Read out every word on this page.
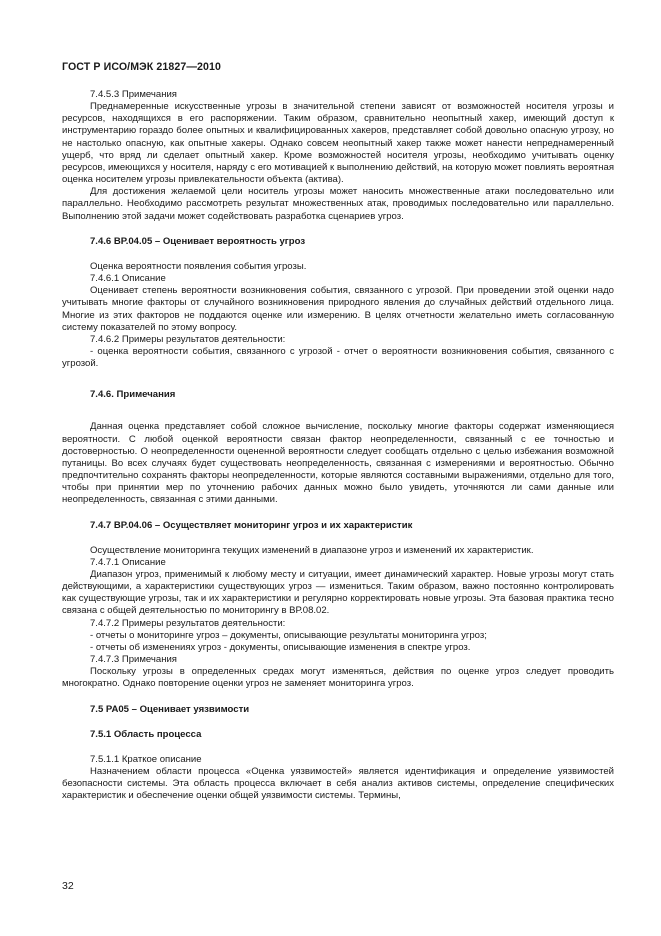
ГОСТ Р ИСО/МЭК 21827—2010

7.4.5.3 Примечания

Преднамеренные искусственные угрозы в значительной степени зависят от возможностей носителя угрозы и ресурсов, находящихся в его распоряжении. Таким образом, сравнительно неопытный хакер, имеющий доступ к инструментарию гораздо более опытных и квалифицированных хакеров, представляет собой довольно опасную угрозу, но не настолько опасную, как опытные хакеры. Однако совсем неопытный хакер также может нанести непреднамеренный ущерб, что вряд ли сделает опытный хакер. Кроме возможностей носителя угрозы, необходимо учитывать оценку ресурсов, имеющихся у носителя, наряду с его мотивацией к выполнению действий, на которую может повлиять вероятная оценка носителем угрозы привлекательности объекта (актива).

Для достижения желаемой цели носитель угрозы может наносить множественные атаки последовательно или параллельно. Необходимо рассмотреть результат множественных атак, проводимых последовательно или параллельно. Выполнению этой задачи может содействовать разработка сценариев угроз.

7.4.6 ВР.04.05 – Оценивает вероятность угроз

Оценка вероятности появления события угрозы.

7.4.6.1 Описание

Оценивает степень вероятности возникновения события, связанного с угрозой. При проведении этой оценки надо учитывать многие факторы от случайного возникновения природного явления до случайных действий отдельного лица. Многие из этих факторов не поддаются оценке или измерению. В целях отчетности желательно иметь согласованную систему показателей по этому вопросу.

7.4.6.2 Примеры результатов деятельности:

- оценка вероятности события, связанного с угрозой - отчет о вероятности возникновения события, связанного с угрозой.

7.4.6. Примечания

Данная оценка представляет собой сложное вычисление, поскольку многие факторы содержат изменяющиеся вероятности. С любой оценкой вероятности связан фактор неопределенности, связанный с ее точностью и достоверностью. О неопределенности оцененной вероятности следует сообщать отдельно с целью избежания возможной путаницы. Во всех случаях будет существовать неопределенность, связанная с измерениями и вероятностью. Обычно предпочтительно сохранять факторы неопределенности, которые являются составными выражениями, отдельно для того, чтобы при принятии мер по уточнению рабочих данных можно было увидеть, уточняются ли сами данные или неопределенность, связанная с этими данными.

7.4.7 ВР.04.06 – Осуществляет мониторинг угроз и их характеристик

Осуществление мониторинга текущих изменений в диапазоне угроз и изменений их характеристик.

7.4.7.1 Описание

Диапазон угроз, применимый к любому месту и ситуации, имеет динамический характер. Новые угрозы могут стать действующими, а характеристики существующих угроз — измениться. Таким образом, важно постоянно контролировать как существующие угрозы, так и их характеристики и регулярно корректировать новые угрозы. Эта базовая практика тесно связана с общей деятельностью по мониторингу в ВР.08.02.

7.4.7.2 Примеры результатов деятельности:

- отчеты о мониторинге угроз – документы, описывающие результаты мониторинга угроз;

- отчеты об изменениях угроз - документы, описывающие изменения в спектре угроз.

7.4.7.3 Примечания

Поскольку угрозы в определенных средах могут изменяться, действия по оценке угроз следует проводить многократно. Однако повторение оценки угроз не заменяет мониторинга угроз.

7.5 РА05 – Оценивает уязвимости

7.5.1 Область процесса

7.5.1.1 Краткое описание

Назначением области процесса «Оценка уязвимостей» является идентификация и определение уязвимостей безопасности системы. Эта область процесса включает в себя анализ активов системы, определение специфических характеристик и обеспечение оценки общей уязвимости системы. Термины,

32
